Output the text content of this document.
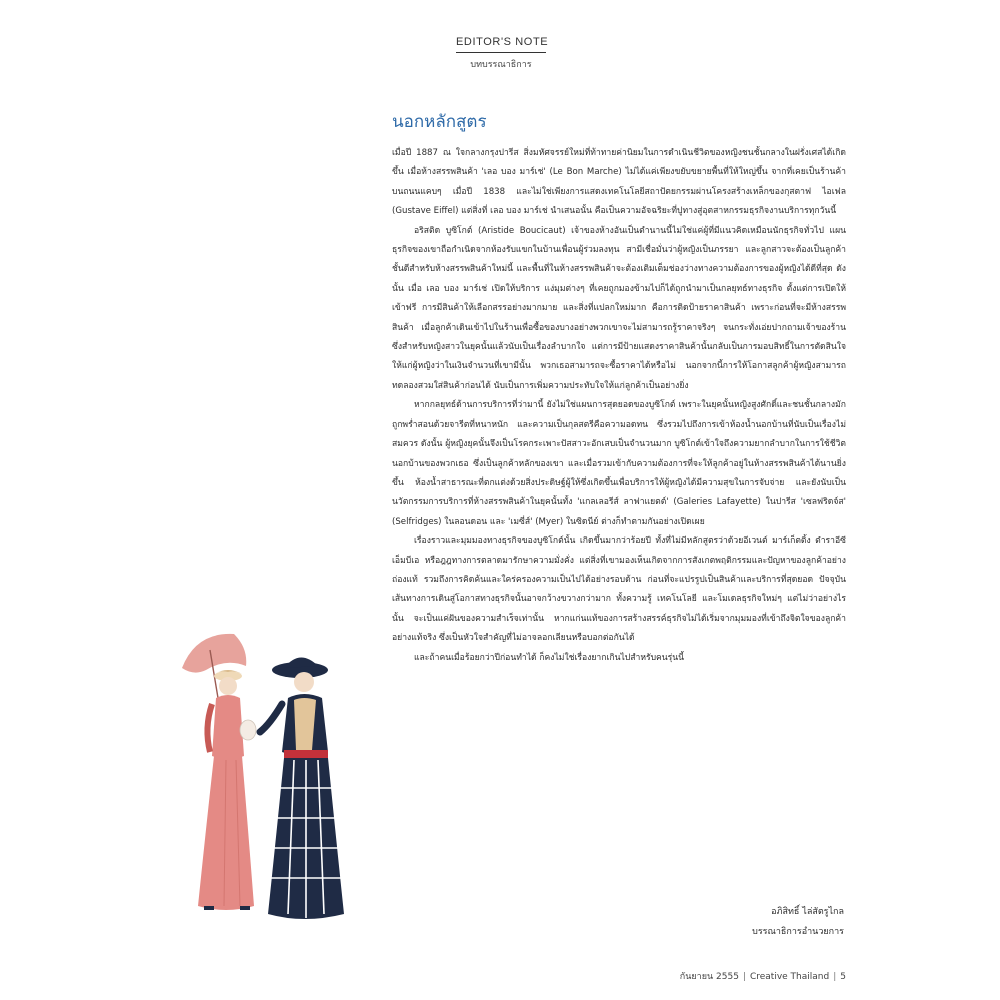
EDITOR'S NOTE
บทบรรณาธิการ
นอกหลักสูตร

เมื่อปี 1887 ณ ใจกลางกรุงปารีส สิ่งมหัศจรรย์ใหม่ที่ท้าทายค่านิยมในการดำเนินชีวิตของหญิงชนชั้นกลางในฝรั่งเศสได้เกิดขึ้น เมื่อห้างสรรพสินค้า 'เลอ บอง มาร์เช่' (Le Bon Marche) ไม่ได้แค่เพียงขยับขยายพื้นที่ให้ใหญ่ขึ้น จากที่เคยเป็นร้านค้าบนถนนแคบๆ เมื่อปี 1838 และไม่ใช่เพียงการแสดงเทคโนโลยีสถาปัตยกรรมผ่านโครงสร้างเหล็กของกุสตาฟ ไอเฟล (Gustave Eiffel) แต่สิ่งที่ เลอ บอง มาร์เช่ นำเสนอนั้น คือเป็นความอัจฉริยะที่ปูทางสู่อุตสาหกรรมธุรกิจงานบริการทุกวันนี้

อริสติด บูซิโกต์ (Aristide Boucicaut) เจ้าของห้างอันเป็นตำนานนี้ไม่ใช่แค่ผู้ที่มีแนวคิดเหมือนนักธุรกิจทั่วไป แผนธุรกิจของเขาถือกำเนิดจากห้องรับแขกในบ้านเพื่อนผู้ร่วมลงทุน สามีเชื่อมั่นว่าผู้หญิงเป็นภรรยา และลูกสาวจะต้องเป็นลูกค้าชั้นดีสำหรับห้างสรรพสินค้าใหม่นี้ และพื้นที่ในห้างสรรพสินค้าจะต้องเติมเต็มช่องว่างทางความต้องการของผู้หญิงได้ดีที่สุด ดังนั้น เมื่อ เลอ บอง มาร์เช่ เปิดให้บริการ แง่มุมต่างๆ ที่เคยถูกมองข้ามไปก็ได้ถูกนำมาเป็นกลยุทธ์ทางธุรกิจ ตั้งแต่การเปิดให้เข้าฟรี การมีสินค้าให้เลือกสรรอย่างมากมาย และสิ่งที่แปลกใหม่มาก คือการติดป้ายราคาสินค้า เพราะก่อนที่จะมีห้างสรรพสินค้า เมื่อลูกค้าเดินเข้าไปในร้านเพื่อซื้อของบางอย่างพวกเขาจะไม่สามารถรู้ราคาจริงๆ จนกระทั่งเอ่ยปากถามเจ้าของร้าน ซึ่งสำหรับหญิงสาวในยุคนั้นแล้วนับเป็นเรื่องลำบากใจ แต่การมีป้ายแสดงราคาสินค้านั้นกลับเป็นการมอบสิทธิ์ในการตัดสินใจให้แก่ผู้หญิงว่าในเงินจำนวนที่เขามีนั้น พวกเธอสามารถจะซื้อราคาได้หรือไม่ นอกจากนี้การให้โอกาสลูกค้าผู้หญิงสามารถทดลองสวมใส่สินค้าก่อนได้ นับเป็นการเพิ่มความประทับใจให้แก่ลูกค้าเป็นอย่างยิ่ง

หากกลยุทธ์ด้านการบริการที่ว่ามานี้ ยังไม่ใช่แผนการสุดยอดของบูซิโกต์ เพราะในยุคนั้นหญิงสูงศักดิ์และชนชั้นกลางมักถูกพร่ำสอนด้วยจารีตที่หนาหนัก และความเป็นกุลสตรีคือความอดทน ซึ่งรวมไปถึงการเข้าห้องน้ำนอกบ้านที่นับเป็นเรื่องไม่สมควร ดังนั้น ผู้หญิงยุคนั้นจึงเป็นโรคกระเพาะปัสสาวะอักเสบเป็นจำนวนมาก บูซิโกต์เข้าใจถึงความยากลำบากในการใช้ชีวิตนอกบ้านของพวกเธอ ซึ่งเป็นลูกค้าหลักของเขา และเมื่อรวมเข้ากับความต้องการที่จะให้ลูกค้าอยู่ในห้างสรรพสินค้าได้นานยิ่งขึ้น ห้องน้ำสาธารณะที่ตกแต่งด้วยสิ่งประดิษฐ์ผู้ให้ซึ่งเกิดขึ้นเพื่อบริการให้ผู้หญิงได้มีความสุขในการจับจ่าย และยังนับเป็นนวัตกรรมการบริการที่ห้างสรรพสินค้าในยุคนั้นทั้ง 'แกลเลอรีส์ ลาฟาแยตต์' (Galeries Lafayette) ในปารีส 'เซลฟริดจ์ส' (Selfridges) ในลอนดอน และ 'เมซี่ส์' (Myer) ในซิดนีย์ ต่างก็ทำตามกันอย่างเปิดเผย

เรื่องราวและมุมมองทางธุรกิจของบูซิโกต์นั้น เกิดขึ้นมากว่าร้อยปี ทั้งที่ไม่มีหลักสูตรว่าด้วยอีเวนต์ มาร์เก็ตติ้ง ตำราอีซีเอ็มบีเอ หรือฎฎทางการตลาดมารักษาความมั่งคั่ง แต่สิ่งที่เขามองเห็นเกิดจากการสังเกตพฤติกรรมและปัญหาของลูกค้าอย่างถ่องแท้ รวมถึงการคิดค้นและใคร่ครองความเป็นไปได้อย่างรอบด้าน ก่อนที่จะแปรรูปเป็นสินค้าและบริการที่สุดยอด ปัจจุบันเส้นทางการเดินสู่โอกาสทางธุรกิจนั้นอาจกว้างขวางกว่ามาก ทั้งความรู้ เทคโนโลยี และโมเดลธุรกิจใหม่ๆ แต่ไม่ว่าอย่างไรนั้น จะเป็นแค่ฝันของความสำเร็จเท่านั้น หากแก่นแท้ของการสร้างสรรค์ธุรกิจไม่ได้เริ่มจากมุมมองที่เข้าถึงจิตใจของลูกค้าอย่างแท้จริง ซึ่งเป็นหัวใจสำคัญที่ไม่อาจลอกเลียนหรือบอกต่อกันได้

และถ้าคนเมื่อร้อยกว่าปีก่อนทำได้ ก็คงไม่ใช่เรื่องยากเกินไปสำหรับคนรุ่นนี้

อภิสิทธิ์ ไล่สัตรูไกล
บรรณาธิการอำนวยการ
กันยายน 2555 | Creative Thailand | 5
